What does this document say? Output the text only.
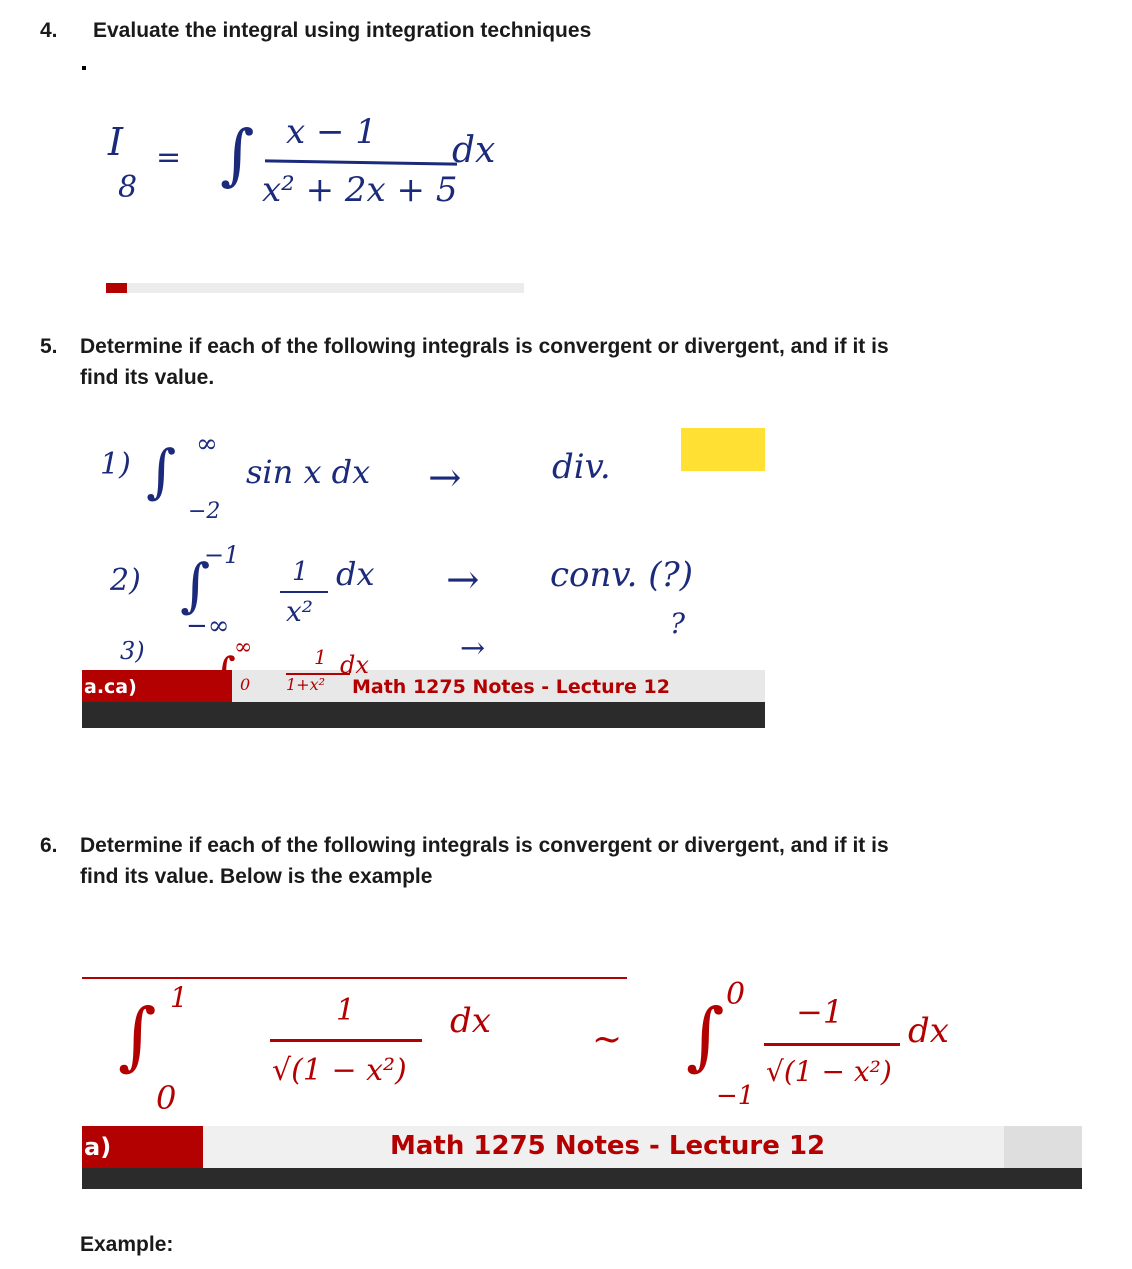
4. Evaluate the integral using integration techniques
I
8
= ∫ x − 1
x² + 2x + 5
dx
5. Determine if each of the following integrals is convergent or divergent, and if it is
find its value.
a.ca)	Math 1275 Notes - Lecture 12
1) ∫ ∞
−2
sin x dx →	div.
2) ∫
−1
−∞
1
x²
dx → conv. (?)
?
3) ∫
∞
0
1
1+x²
dx	→
6. Determine if each of the following integrals is convergent or divergent, and if it is
find its value. Below is the example
a)	Math 1275 Notes - Lecture 12
∫ 1
0
1
√(1 − x²)
dx	~ ∫ 0
−1
−1
√(1 − x²)
dx
Example:
